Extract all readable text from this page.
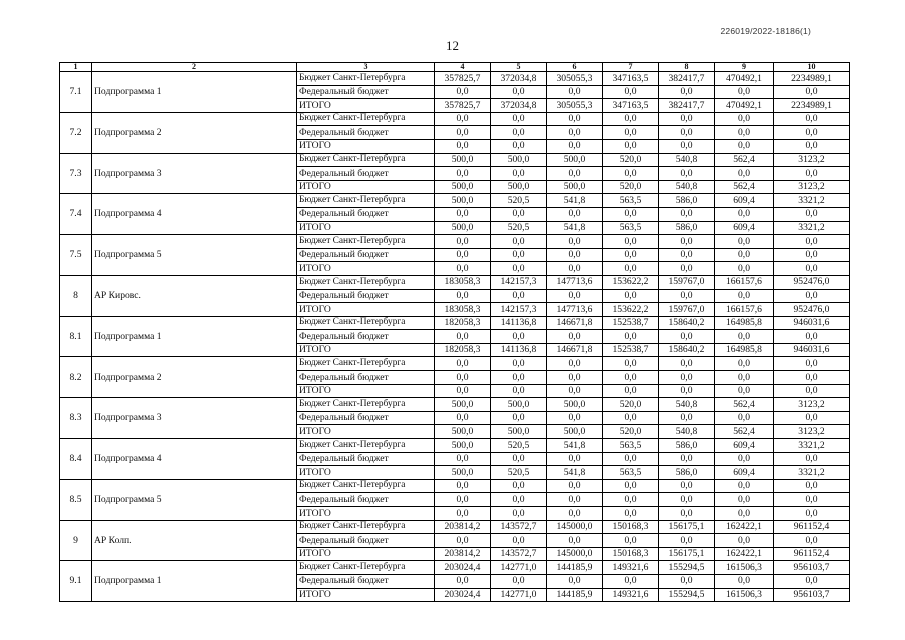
226019/2022-18186(1)
12
1	2	3	4	5	6	7	8	9	10
7.1	Подпрограмма 1	Бюджет Санкт-Петербурга	357825,7	372034,8	305055,3	347163,5	382417,7	470492,1	2234989,1
		Федеральный бюджет	0,0	0,0	0,0	0,0	0,0	0,0	0,0
		ИТОГО	357825,7	372034,8	305055,3	347163,5	382417,7	470492,1	2234989,1
7.2	Подпрограмма 2	Бюджет Санкт-Петербурга	0,0	0,0	0,0	0,0	0,0	0,0	0,0
		Федеральный бюджет	0,0	0,0	0,0	0,0	0,0	0,0	0,0
		ИТОГО	0,0	0,0	0,0	0,0	0,0	0,0	0,0
7.3	Подпрограмма 3	Бюджет Санкт-Петербурга	500,0	500,0	500,0	520,0	540,8	562,4	3123,2
		Федеральный бюджет	0,0	0,0	0,0	0,0	0,0	0,0	0,0
		ИТОГО	500,0	500,0	500,0	520,0	540,8	562,4	3123,2
7.4	Подпрограмма 4	Бюджет Санкт-Петербурга	500,0	520,5	541,8	563,5	586,0	609,4	3321,2
		Федеральный бюджет	0,0	0,0	0,0	0,0	0,0	0,0	0,0
		ИТОГО	500,0	520,5	541,8	563,5	586,0	609,4	3321,2
7.5	Подпрограмма 5	Бюджет Санкт-Петербурга	0,0	0,0	0,0	0,0	0,0	0,0	0,0
		Федеральный бюджет	0,0	0,0	0,0	0,0	0,0	0,0	0,0
		ИТОГО	0,0	0,0	0,0	0,0	0,0	0,0	0,0
8	АР Кировс.	Бюджет Санкт-Петербурга	183058,3	142157,3	147713,6	153622,2	159767,0	166157,6	952476,0
		Федеральный бюджет	0,0	0,0	0,0	0,0	0,0	0,0	0,0
		ИТОГО	183058,3	142157,3	147713,6	153622,2	159767,0	166157,6	952476,0
8.1	Подпрограмма 1	Бюджет Санкт-Петербурга	182058,3	141136,8	146671,8	152538,7	158640,2	164985,8	946031,6
		Федеральный бюджет	0,0	0,0	0,0	0,0	0,0	0,0	0,0
		ИТОГО	182058,3	141136,8	146671,8	152538,7	158640,2	164985,8	946031,6
8.2	Подпрограмма 2	Бюджет Санкт-Петербурга	0,0	0,0	0,0	0,0	0,0	0,0	0,0
		Федеральный бюджет	0,0	0,0	0,0	0,0	0,0	0,0	0,0
		ИТОГО	0,0	0,0	0,0	0,0	0,0	0,0	0,0
8.3	Подпрограмма 3	Бюджет Санкт-Петербурга	500,0	500,0	500,0	520,0	540,8	562,4	3123,2
		Федеральный бюджет	0,0	0,0	0,0	0,0	0,0	0,0	0,0
		ИТОГО	500,0	500,0	500,0	520,0	540,8	562,4	3123,2
8.4	Подпрограмма 4	Бюджет Санкт-Петербурга	500,0	520,5	541,8	563,5	586,0	609,4	3321,2
		Федеральный бюджет	0,0	0,0	0,0	0,0	0,0	0,0	0,0
		ИТОГО	500,0	520,5	541,8	563,5	586,0	609,4	3321,2
8.5	Подпрограмма 5	Бюджет Санкт-Петербурга	0,0	0,0	0,0	0,0	0,0	0,0	0,0
		Федеральный бюджет	0,0	0,0	0,0	0,0	0,0	0,0	0,0
		ИТОГО	0,0	0,0	0,0	0,0	0,0	0,0	0,0
9	АР Колп.	Бюджет Санкт-Петербурга	203814,2	143572,7	145000,0	150168,3	156175,1	162422,1	961152,4
		Федеральный бюджет	0,0	0,0	0,0	0,0	0,0	0,0	0,0
		ИТОГО	203814,2	143572,7	145000,0	150168,3	156175,1	162422,1	961152,4
9.1	Подпрограмма 1	Бюджет Санкт-Петербурга	203024,4	142771,0	144185,9	149321,6	155294,5	161506,3	956103,7
		Федеральный бюджет	0,0	0,0	0,0	0,0	0,0	0,0	0,0
		ИТОГО	203024,4	142771,0	144185,9	149321,6	155294,5	161506,3	956103,7
